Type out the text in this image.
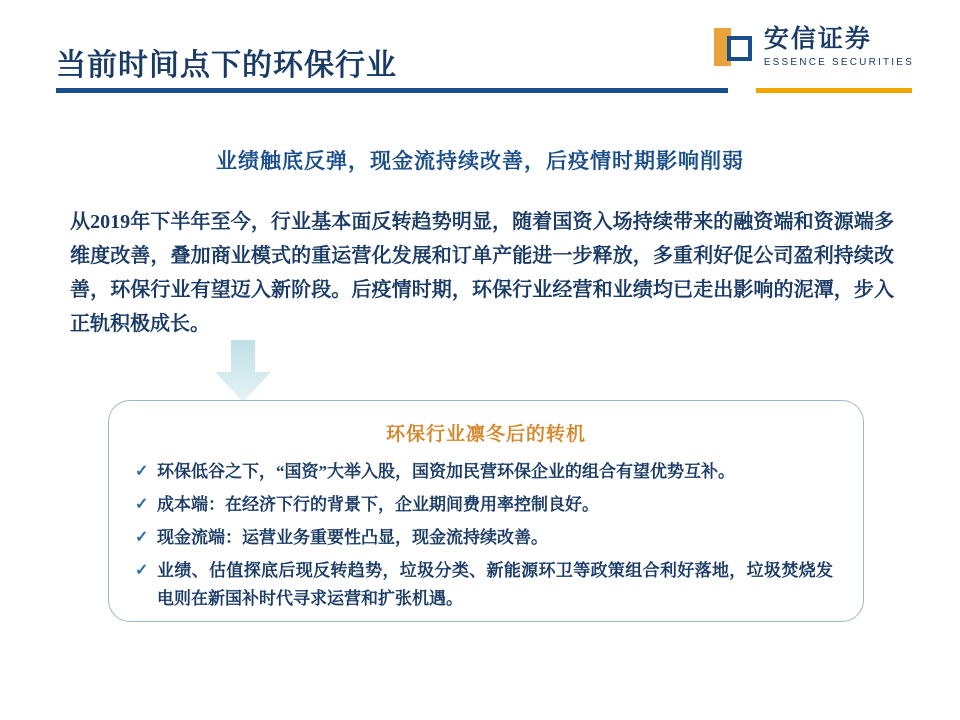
当前时间点下的环保行业
安信证券
ESSENCE SECURITIES
业绩触底反弹，现金流持续改善，后疫情时期影响削弱
从2019年下半年至今，行业基本面反转趋势明显，随着国资入场持续带来的融资端和资源端多维度改善，叠加商业模式的重运营化发展和订单产能进一步释放，多重利好促公司盈利持续改善，环保行业有望迈入新阶段。后疫情时期，环保行业经营和业绩均已走出影响的泥潭，步入正轨积极成长。
环保行业凛冬后的转机
✓ 环保低谷之下，“国资”大举入股，国资加民营环保企业的组合有望优势互补。
✓ 成本端：在经济下行的背景下，企业期间费用率控制良好。
✓ 现金流端：运营业务重要性凸显，现金流持续改善。
✓ 业绩、估值探底后现反转趋势，垃圾分类、新能源环卫等政策组合利好落地，垃圾焚烧发电则在新国补时代寻求运营和扩张机遇。
